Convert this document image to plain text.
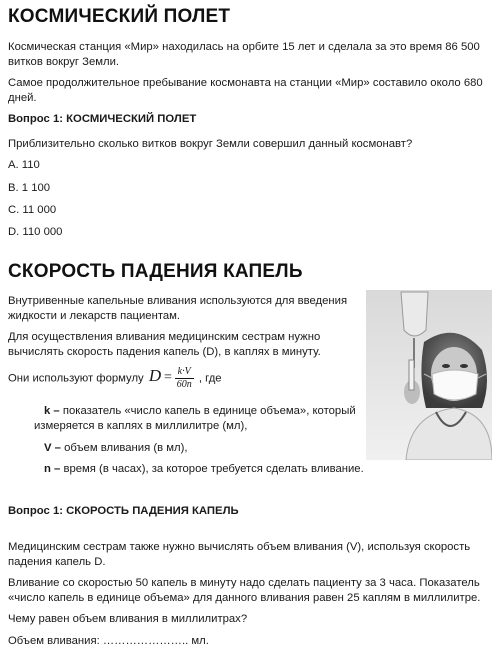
КОСМИЧЕСКИЙ ПОЛЕТ
Космическая станция «Мир» находилась на орбите 15 лет и сделала за это время 86 500
витков вокруг Земли.
Самое продолжительное пребывание космонавта на станции «Мир» составило около 680
дней.
Вопрос 1: КОСМИЧЕСКИЙ ПОЛЕТ
Приблизительно сколько витков вокруг Земли совершил данный космонавт?
A. 110
B. 1 100
C. 11 000
D. 110 000
СКОРОСТЬ ПАДЕНИЯ КАПЕЛЬ
Внутривенные капельные вливания используются для введения
жидкости и лекарств пациентам.
Для осуществления вливания медицинским сестрам нужно
вычислять скорость падения капель (D), в каплях в минуту.
Они используют формулу $D = \frac{k\cdot V}{60n}$ , где
k – показатель «число капель в единице объема», который
измеряется в каплях в миллилитре (мл),
V – объем вливания (в мл),
n – время (в часах), за которое требуется сделать вливание.
Вопрос 1: СКОРОСТЬ ПАДЕНИЯ КАПЕЛЬ
Медицинским сестрам также нужно вычислять объем вливания (V), используя скорость
падения капель D.
Вливание со скоростью 50 капель в минуту надо сделать пациенту за 3 часа. Показатель
«число капель в единице объема» для данного вливания равен 25 каплям в миллилитре.
Чему равен объем вливания в миллилитрах?
Объем вливания: ………………….. мл.
